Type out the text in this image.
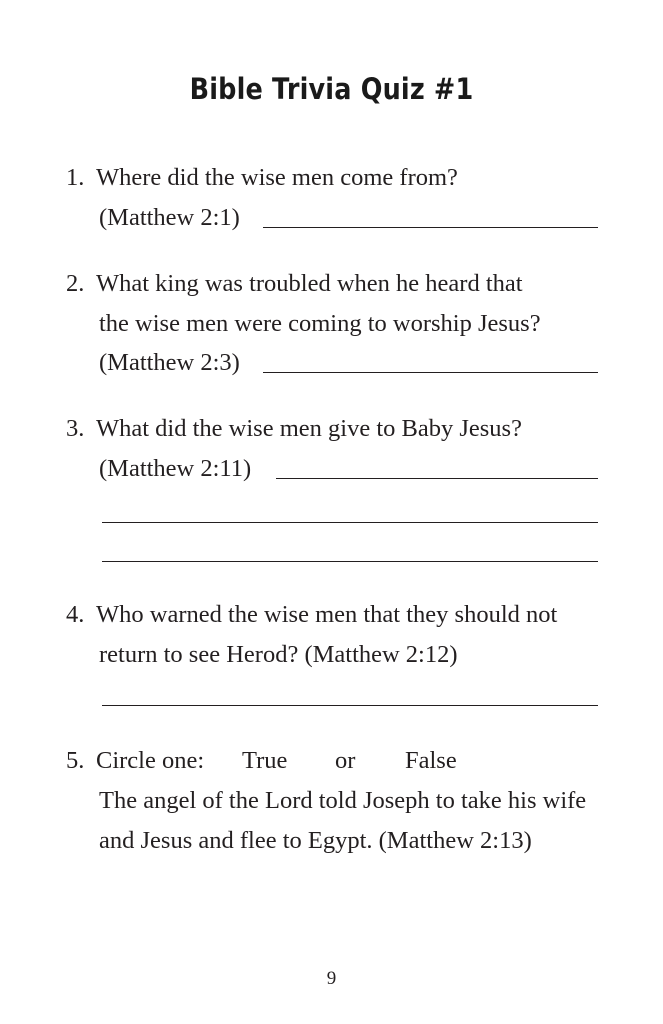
Bible Trivia Quiz #1
1. Where did the wise men come from?
(Matthew 2:1)
2. What king was troubled when he heard that
the wise men were coming to worship Jesus?
(Matthew 2:3)
3. What did the wise men give to Baby Jesus?
(Matthew 2:11)
4. Who warned the wise men that they should not
return to see Herod? (Matthew 2:12)
5. Circle one: True or False
The angel of the Lord told Joseph to take his wife
and Jesus and flee to Egypt. (Matthew 2:13)
9
